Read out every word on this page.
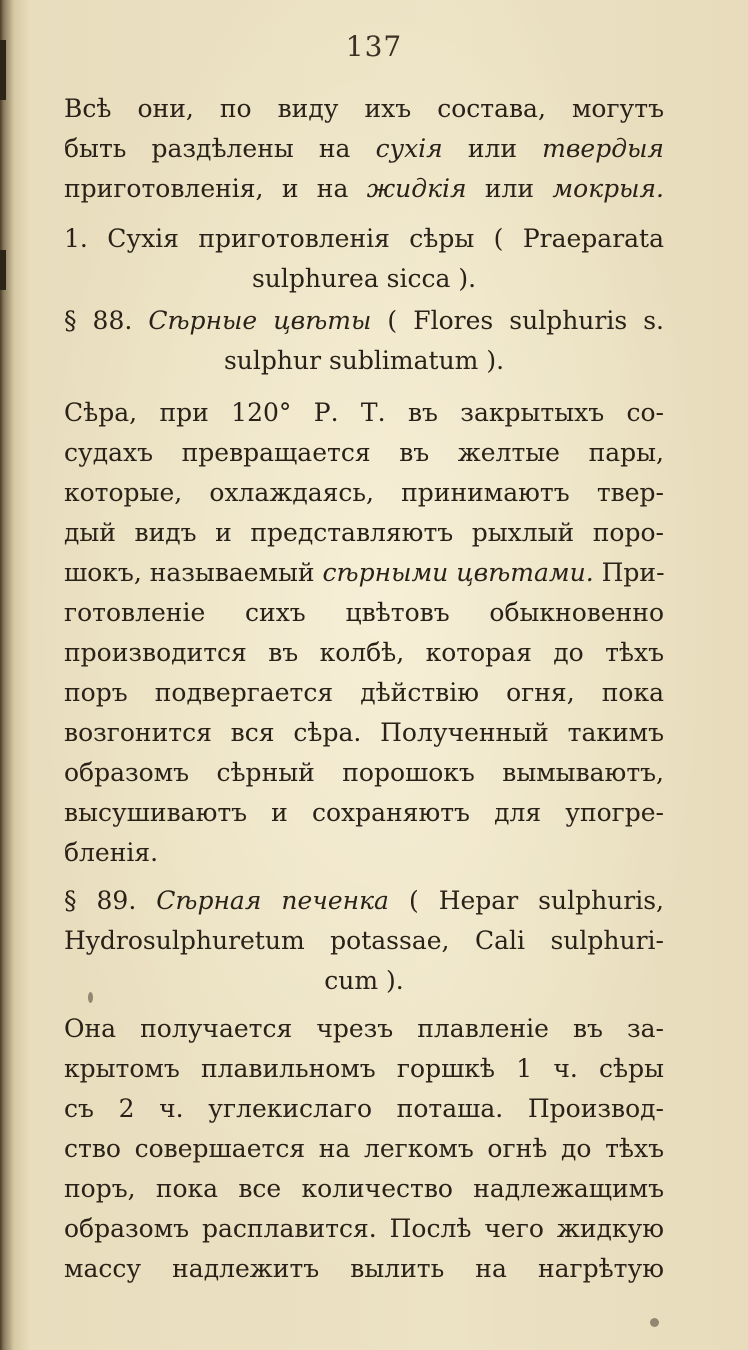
137
Всѣ они, по виду ихъ состава, могутъ
быть раздѣлены на сухія или твердыя
приготовленія, и на жидкія или мокрыя.
1. Сухія приготовленія сѣры ( Praeparata
sulphurea sicca ).
§ 88. Сѣрные цвѣты ( Flores sulphuris s.
sulphur sublimatum ).
Сѣра, при 120° Р. Т. въ закрытыхъ со-
судахъ превращается въ желтые пары,
которые, охлаждаясь, принимаютъ твер-
дый видъ и представляютъ рыхлый поро-
шокъ, называемый сѣрными цвѣтами. При-
готовленіе сихъ цвѣтовъ обыкновенно
производится въ колбѣ, которая до тѣхъ
поръ подвергается дѣйствію огня, пока
возгонится вся сѣра. Полученный такимъ
образомъ сѣрный порошокъ вымываютъ,
высушиваютъ и сохраняютъ для упогре-
бленія.
§ 89. Сѣрная печенка ( Hepar sulphuris,
Hydrosulphuretum potassae, Cali sulphuri-
cum ).
Она получается чрезъ плавленіе въ за-
крытомъ плавильномъ горшкѣ 1 ч. сѣры
съ 2 ч. углекислаго поташа. Производ-
ство совершается на легкомъ огнѣ до тѣхъ
поръ, пока все количество надлежащимъ
образомъ расплавится. Послѣ чего жидкую
массу надлежитъ вылить на нагрѣтую
